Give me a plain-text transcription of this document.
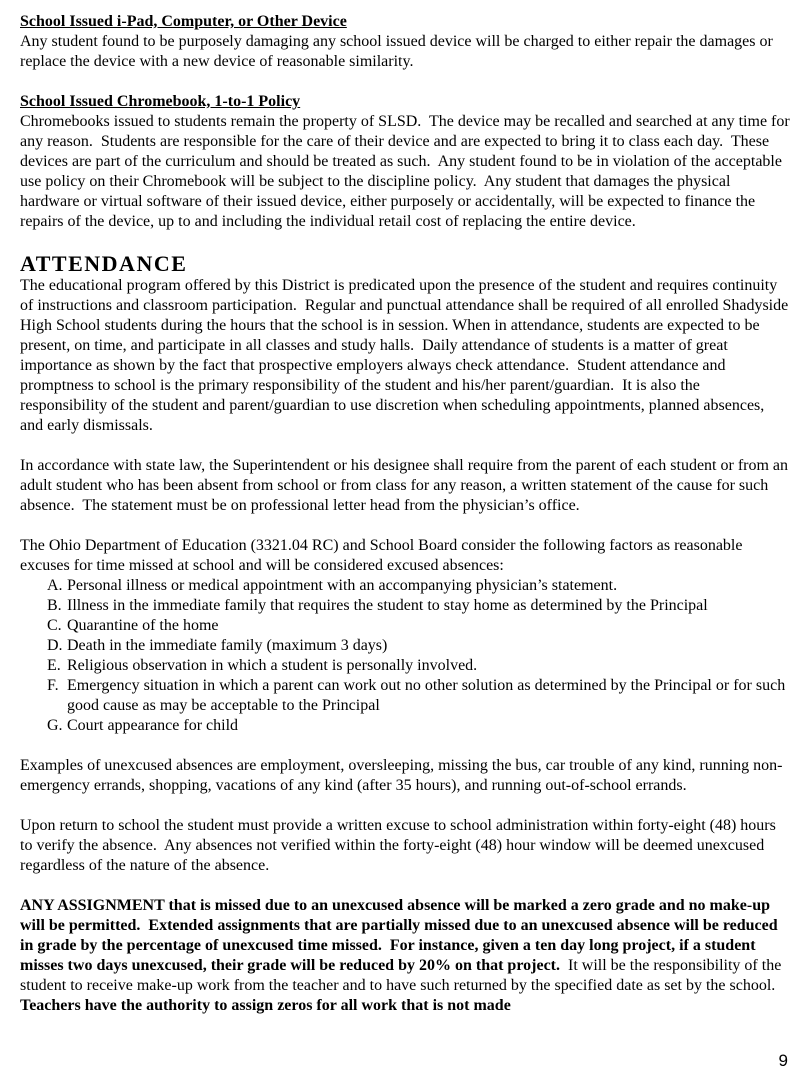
School Issued i-Pad, Computer, or Other Device

Any student found to be purposely damaging any school issued device will be charged to either repair the damages or replace the device with a new device of reasonable similarity.

School Issued Chromebook, 1-to-1 Policy

Chromebooks issued to students remain the property of SLSD.  The device may be recalled and searched at any time for any reason.  Students are responsible for the care of their device and are expected to bring it to class each day.  These devices are part of the curriculum and should be treated as such.  Any student found to be in violation of the acceptable use policy on their Chromebook will be subject to the discipline policy.  Any student that damages the physical hardware or virtual software of their issued device, either purposely or accidentally, will be expected to finance the repairs of the device, up to and including the individual retail cost of replacing the entire device.

ATTENDANCE

The educational program offered by this District is predicated upon the presence of the student and requires continuity of instructions and classroom participation.  Regular and punctual attendance shall be required of all enrolled Shadyside High School students during the hours that the school is in session. When in attendance, students are expected to be present, on time, and participate in all classes and study halls.  Daily attendance of students is a matter of great importance as shown by the fact that prospective employers always check attendance.  Student attendance and promptness to school is the primary responsibility of the student and his/her parent/guardian.  It is also the responsibility of the student and parent/guardian to use discretion when scheduling appointments, planned absences, and early dismissals.

In accordance with state law, the Superintendent or his designee shall require from the parent of each student or from an adult student who has been absent from school or from class for any reason, a written statement of the cause for such absence.  The statement must be on professional letter head from the physician’s office.

The Ohio Department of Education (3321.04 RC) and School Board consider the following factors as reasonable excuses for time missed at school and will be considered excused absences:

A. Personal illness or medical appointment with an accompanying physician’s statement.
B. Illness in the immediate family that requires the student to stay home as determined by the Principal
C. Quarantine of the home
D. Death in the immediate family (maximum 3 days)
E. Religious observation in which a student is personally involved.
F. Emergency situation in which a parent can work out no other solution as determined by the Principal or for such good cause as may be acceptable to the Principal
G. Court appearance for child

Examples of unexcused absences are employment, oversleeping, missing the bus, car trouble of any kind, running non-emergency errands, shopping, vacations of any kind (after 35 hours), and running out-of-school errands.

Upon return to school the student must provide a written excuse to school administration within forty-eight (48) hours to verify the absence.  Any absences not verified within the forty-eight (48) hour window will be deemed unexcused regardless of the nature of the absence.

ANY ASSIGNMENT that is missed due to an unexcused absence will be marked a zero grade and no make-up will be permitted.  Extended assignments that are partially missed due to an unexcused absence will be reduced in grade by the percentage of unexcused time missed.  For instance, given a ten day long project, if a student misses two days unexcused, their grade will be reduced by 20% on that project.  It will be the responsibility of the student to receive make-up work from the teacher and to have such returned by the specified date as set by the school.  Teachers have the authority to assign zeros for all work that is not made

9
